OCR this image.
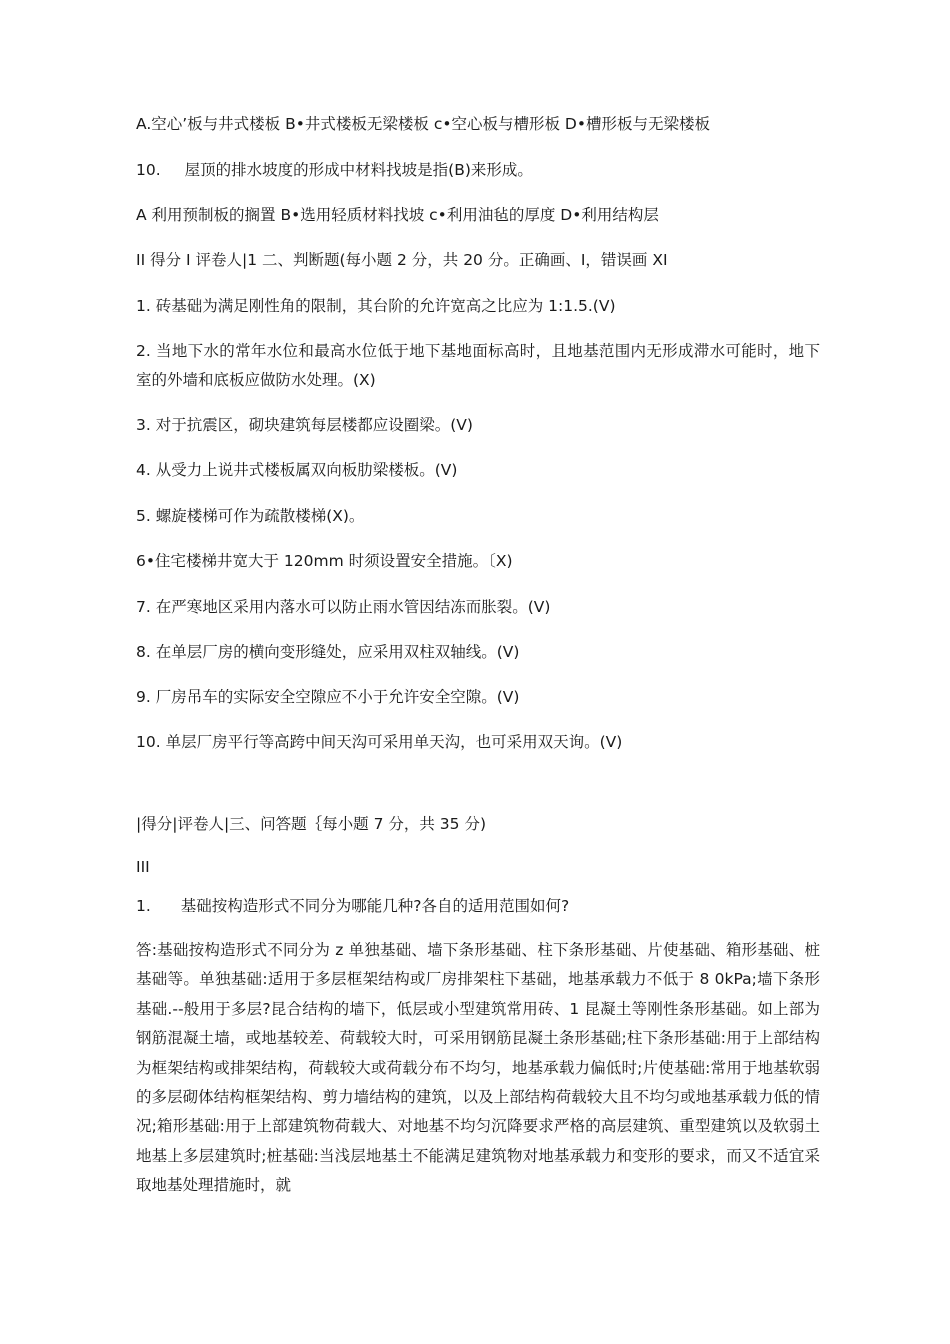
A.空心’板与井式楼板 B•井式楼板无梁楼板 c•空心板与槽形板 D•槽形板与无梁楼板
10. 屋顶的排水坡度的形成中材料找坡是指(B)来形成。
A 利用预制板的搁置 B•选用轻质材料找坡 c•利用油毡的厚度 D•利用结构层
II 得分 I 评卷人|1 二、判断题(每小题 2 分，共 20 分。正确画、I，错误画 XI
1. 砖基础为满足刚性角的限制，其台阶的允许宽高之比应为 1:1.5.(V)
2. 当地下水的常年水位和最高水位低于地下基地面标高时，且地基范围内无形成滞水可能时，地下室的外墙和底板应做防水处理。(X)
3. 对于抗震区，砌块建筑每层楼都应设圈梁。(V)
4. 从受力上说井式楼板属双向板肋梁楼板。(V)
5. 螺旋楼梯可作为疏散楼梯(X)。
6•住宅楼梯井宽大于 120mm 时须设置安全措施。〔X)
7. 在严寒地区采用内落水可以防止雨水管因结冻而胀裂。(V)
8. 在单层厂房的横向变形缝处，应采用双柱双轴线。(V)
9. 厂房吊车的实际安全空隙应不小于允许安全空隙。(V)
10. 单层厂房平行等高跨中间天沟可采用单天沟，也可采用双天询。(V)
|得分|评卷人|三、问答题｛每小题 7 分，共 35 分)
III
1. 基础按构造形式不同分为哪能几种?各自的适用范围如何?
答:基础按构造形式不同分为 z 单独基础、墙下条形基础、柱下条形基础、片使基础、箱形基础、桩基础等。单独基础:适用于多层框架结构或厂房排架柱下基础，地基承载力不低于 8 0kPa;墙下条形基础.--般用于多层?昆合结构的墙下，低层或小型建筑常用砖、1 昆凝土等刚性条形基础。如上部为钢筋混凝土墙，或地基较差、荷载较大时，可采用钢筋昆凝土条形基础;柱下条形基础:用于上部结构为框架结构或排架结构，荷载较大或荷载分布不均匀，地基承载力偏低时;片使基础:常用于地基软弱的多层砌体结构框架结构、剪力墙结构的建筑，以及上部结构荷载较大且不均匀或地基承载力低的情况;箱形基础:用于上部建筑物荷载大、对地基不均匀沉降要求严格的高层建筑、重型建筑以及软弱土地基上多层建筑时;桩基础:当浅层地基土不能满足建筑物对地基承载力和变形的要求，而又不适宜采取地基处理措施时，就
